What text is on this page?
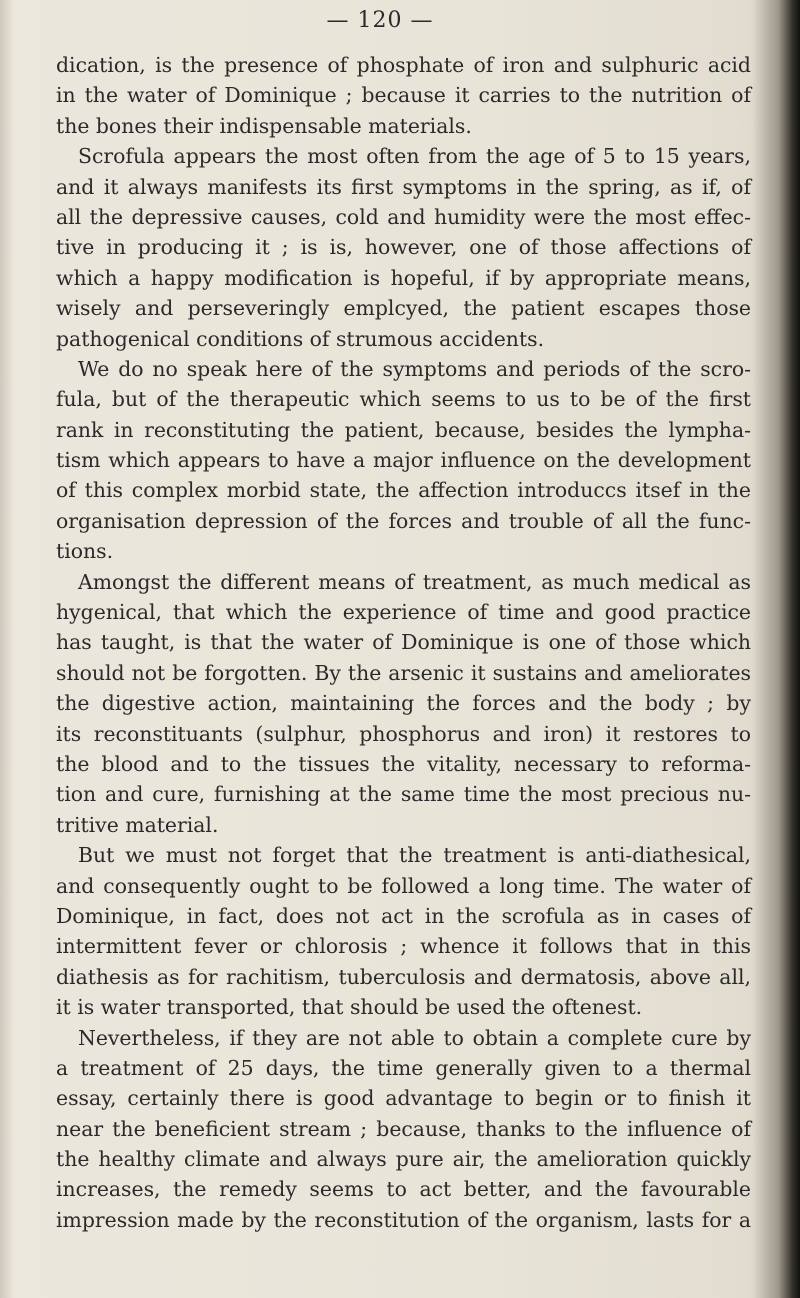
— 120 —
dication, is the presence of phosphate of iron and sulphuric acid
in the water of Dominique ; because it carries to the nutrition of
the bones their indispensable materials.
Scrofula appears the most often from the age of 5 to 15 years,
and it always manifests its first symptoms in the spring, as if, of
all the depressive causes, cold and humidity were the most effec-
tive in producing it ; is is, however, one of those affections of
which a happy modification is hopeful, if by appropriate means,
wisely and perseveringly emplcyed, the patient escapes those
pathogenical conditions of strumous accidents.
We do no speak here of the symptoms and periods of the scro-
fula, but of the therapeutic which seems to us to be of the first
rank in reconstituting the patient, because, besides the lympha-
tism which appears to have a major influence on the development
of this complex morbid state, the affection introduccs itsef in the
organisation depression of the forces and trouble of all the func-
tions.
Amongst the different means of treatment, as much medical as
hygenical, that which the experience of time and good practice
has taught, is that the water of Dominique is one of those which
should not be forgotten. By the arsenic it sustains and ameliorates
the digestive action, maintaining the forces and the body ; by
its reconstituants (sulphur, phosphorus and iron) it restores to
the blood and to the tissues the vitality, necessary to reforma-
tion and cure, furnishing at the same time the most precious nu-
tritive material.
But we must not forget that the treatment is anti-diathesical,
and consequently ought to be followed a long time. The water of
Dominique, in fact, does not act in the scrofula as in cases of
intermittent fever or chlorosis ; whence it follows that in this
diathesis as for rachitism, tuberculosis and dermatosis, above all,
it is water transported, that should be used the oftenest.
Nevertheless, if they are not able to obtain a complete cure by
a treatment of 25 days, the time generally given to a thermal
essay, certainly there is good advantage to begin or to finish it
near the beneficient stream ; because, thanks to the influence of
the healthy climate and always pure air, the amelioration quickly
increases, the remedy seems to act better, and the favourable
impression made by the reconstitution of the organism, lasts for a
